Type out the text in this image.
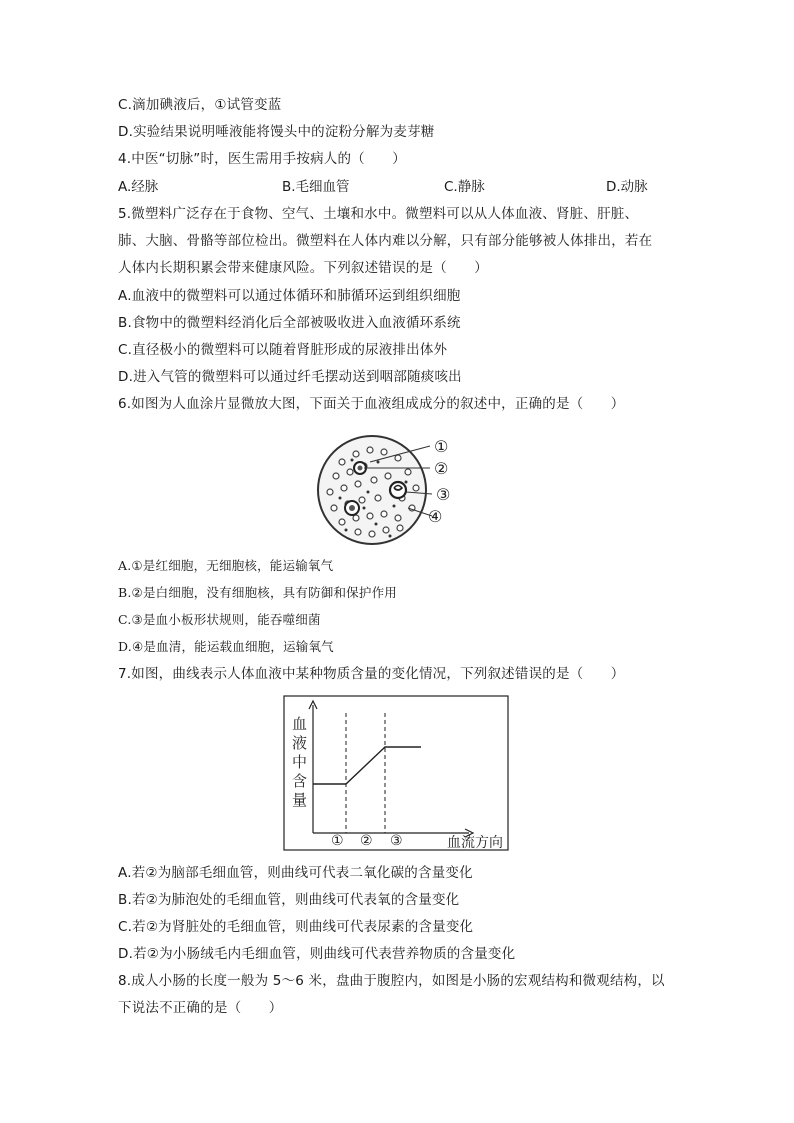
C.滴加碘液后，①试管变蓝
D.实验结果说明唾液能将馒头中的淀粉分解为麦芽糖
4.中医“切脉”时，医生需用手按病人的（　　）
A.经脉	B.毛细血管	C.静脉	D.动脉
5.微塑料广泛存在于食物、空气、土壤和水中。微塑料可以从人体血液、肾脏、肝脏、
肺、大脑、骨骼等部位检出。微塑料在人体内难以分解，只有部分能够被人体排出，若在
人体内长期积累会带来健康风险。下列叙述错误的是（　　）
A.血液中的微塑料可以通过体循环和肺循环运到组织细胞
B.食物中的微塑料经消化后全部被吸收进入血液循环系统
C.直径极小的微塑料可以随着肾脏形成的尿液排出体外
D.进入气管的微塑料可以通过纤毛摆动送到咽部随痰咳出
6.如图为人血涂片显微放大图，下面关于血液组成成分的叙述中，正确的是（　　）
①
②
③
④
A.①是红细胞，无细胞核，能运输氧气
B.②是白细胞，没有细胞核，具有防御和保护作用
C.③是血小板形状规则，能吞噬细菌
D.④是血清，能运载血细胞，运输氧气
7.如图，曲线表示人体血液中某种物质含量的变化情况，下列叙述错误的是（　　）
血
液
中
含
量
① ② ③	血流方向
A.若②为脑部毛细血管，则曲线可代表二氧化碳的含量变化
B.若②为肺泡处的毛细血管，则曲线可代表氧的含量变化
C.若②为肾脏处的毛细血管，则曲线可代表尿素的含量变化
D.若②为小肠绒毛内毛细血管，则曲线可代表营养物质的含量变化
8.成人小肠的长度一般为 5～6 米，盘曲于腹腔内，如图是小肠的宏观结构和微观结构，以
下说法不正确的是（　　）
